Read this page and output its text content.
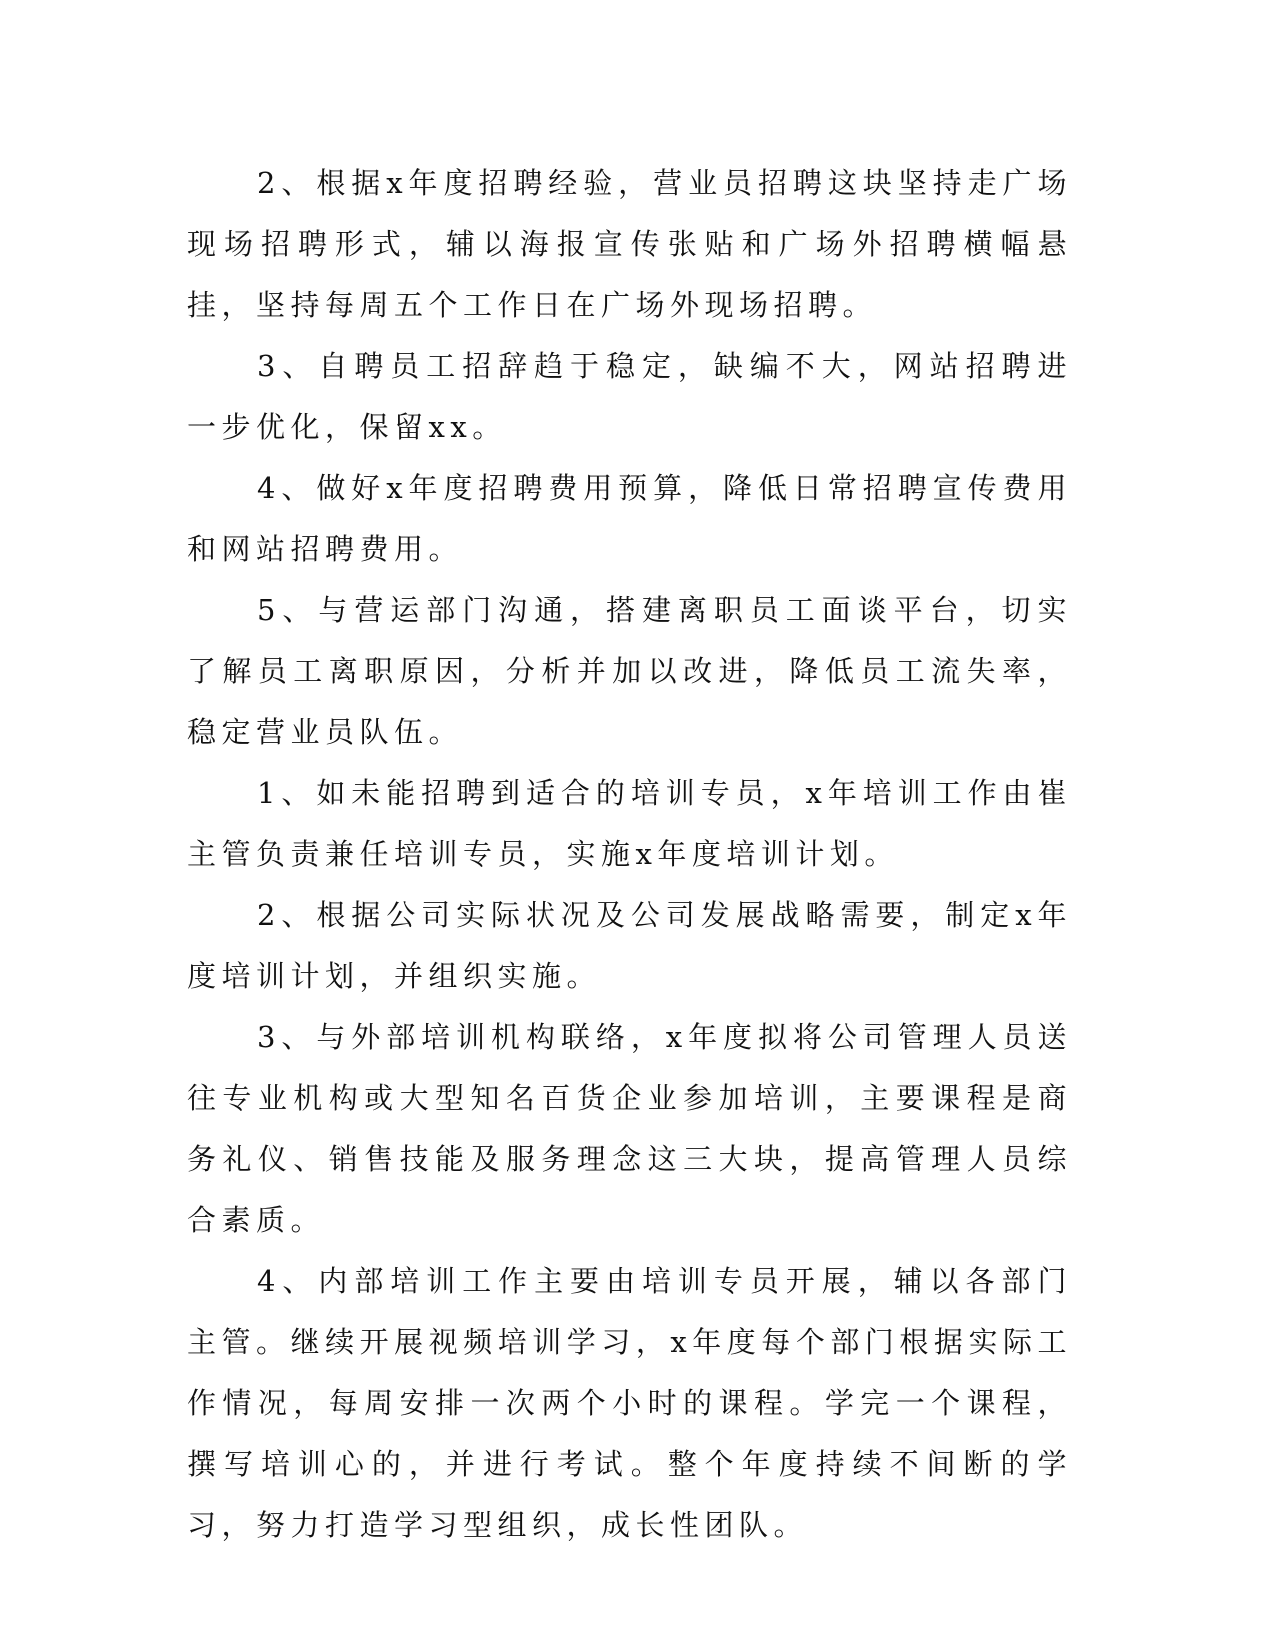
2、根据x年度招聘经验，营业员招聘这块坚持走广场现场招聘形式，辅以海报宣传张贴和广场外招聘横幅悬挂，坚持每周五个工作日在广场外现场招聘。

3、自聘员工招辞趋于稳定，缺编不大，网站招聘进一步优化，保留xx。

4、做好x年度招聘费用预算，降低日常招聘宣传费用和网站招聘费用。

5、与营运部门沟通，搭建离职员工面谈平台，切实了解员工离职原因，分析并加以改进，降低员工流失率，稳定营业员队伍。

1、如未能招聘到适合的培训专员，x年培训工作由崔主管负责兼任培训专员，实施x年度培训计划。

2、根据公司实际状况及公司发展战略需要，制定x年度培训计划，并组织实施。

3、与外部培训机构联络，x年度拟将公司管理人员送往专业机构或大型知名百货企业参加培训，主要课程是商务礼仪、销售技能及服务理念这三大块，提高管理人员综合素质。

4、内部培训工作主要由培训专员开展，辅以各部门主管。继续开展视频培训学习，x年度每个部门根据实际工作情况，每周安排一次两个小时的课程。学完一个课程，撰写培训心的，并进行考试。整个年度持续不间断的学习，努力打造学习型组织，成长性团队。
